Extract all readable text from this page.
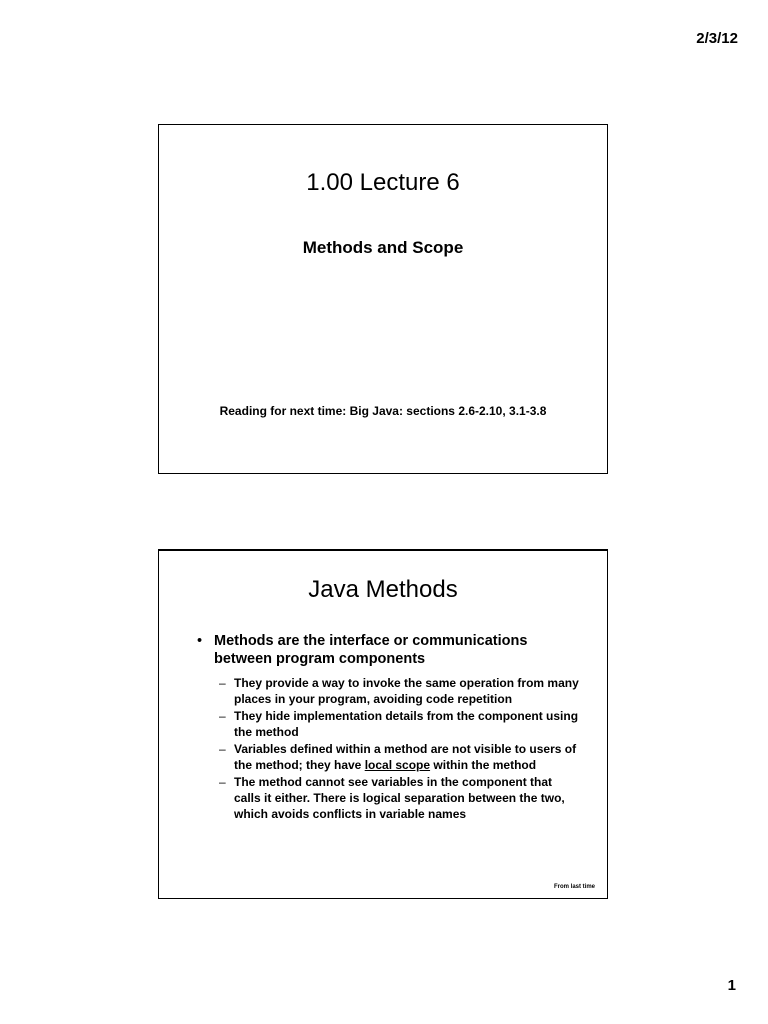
2/3/12
1.00 Lecture 6
Methods and Scope
Reading for next time: Big Java: sections 2.6-2.10, 3.1-3.8
Java Methods
• Methods are the interface or communications between program components
– They provide a way to invoke the same operation from many places in your program, avoiding code repetition
– They hide implementation details from the component using the method
– Variables defined within a method are not visible to users of the method; they have local scope within the method
– The method cannot see variables in the component that calls it either. There is logical separation between the two, which avoids conflicts in variable names
From last time
1
